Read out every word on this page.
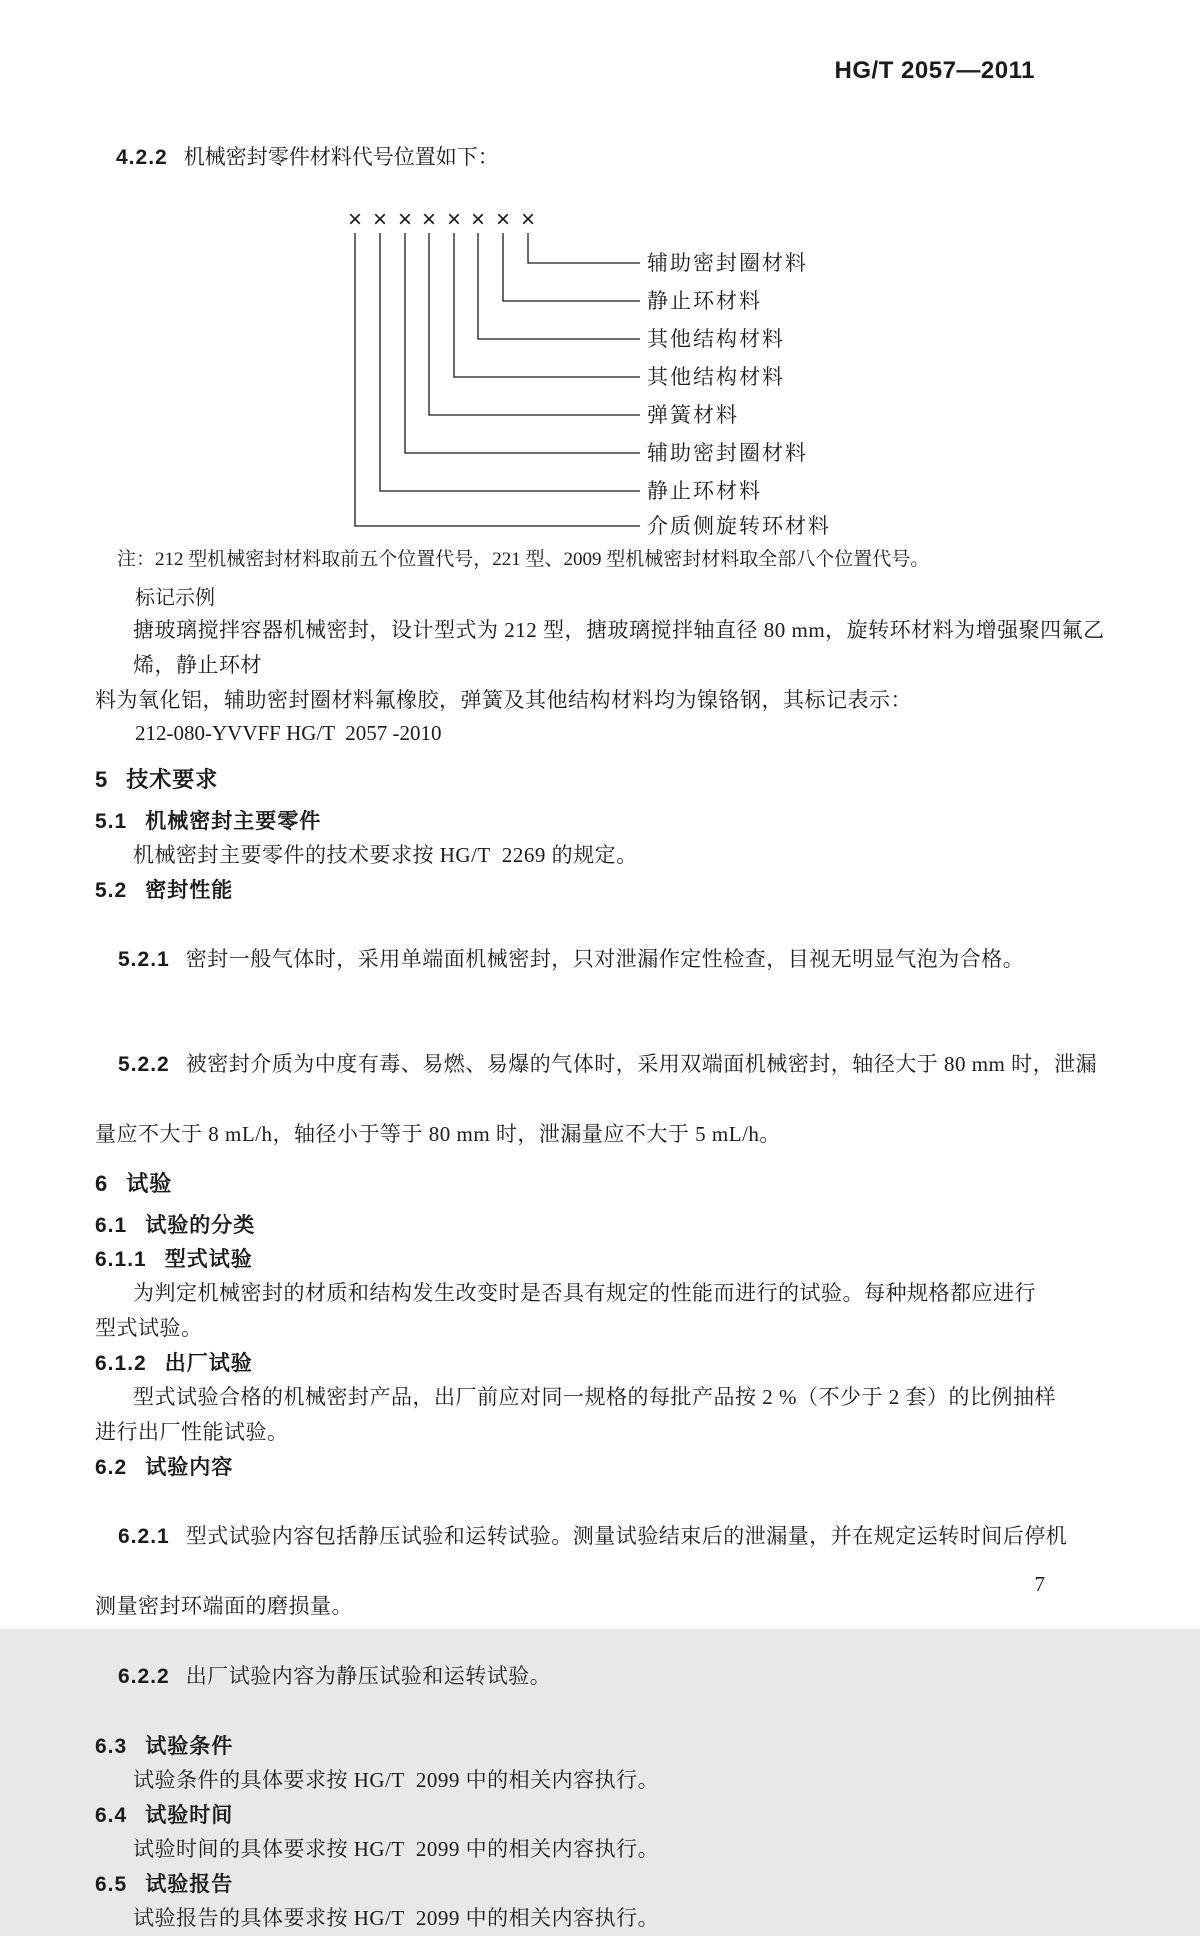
HG/T 2057—2011

4.2.2 机械密封零件材料代号位置如下：

× × × × × × × ×
辅助密封圈材料
静止环材料
其他结构材料
其他结构材料
弹簧材料
辅助密封圈材料
静止环材料
介质侧旋转环材料
注：212 型机械密封材料取前五个位置代号，221 型、2009 型机械密封材料取全部八个位置代号。
标记示例
搪玻璃搅拌容器机械密封，设计型式为 212 型，搪玻璃搅拌轴直径 80 mm，旋转环材料为增强聚四氟乙烯，静止环材
料为氧化铝，辅助密封圈材料氟橡胶，弹簧及其他结构材料均为镍铬钢，其标记表示：
212-080-YVVFF HG/T  2057 -2010
5 技术要求
5.1 机械密封主要零件
机械密封主要零件的技术要求按 HG/T  2269 的规定。
5.2 密封性能

5.2.1 密封一般气体时，采用单端面机械密封，只对泄漏作定性检查，目视无明显气泡为合格。

5.2.2 被密封介质为中度有毒、易燃、易爆的气体时，采用双端面机械密封，轴径大于 80 mm 时，泄漏

量应不大于 8 mL/h，轴径小于等于 80 mm 时，泄漏量应不大于 5 mL/h。
6 试验
6.1 试验的分类
6.1.1 型式试验
为判定机械密封的材质和结构发生改变时是否具有规定的性能而进行的试验。每种规格都应进行
型式试验。
6.1.2 出厂试验
型式试验合格的机械密封产品，出厂前应对同一规格的每批产品按 2 %（不少于 2 套）的比例抽样
进行出厂性能试验。
6.2 试验内容

6.2.1 型式试验内容包括静压试验和运转试验。测量试验结束后的泄漏量，并在规定运转时间后停机

测量密封环端面的磨损量。

6.2.2 出厂试验内容为静压试验和运转试验。

6.3 试验条件
试验条件的具体要求按 HG/T  2099 中的相关内容执行。
6.4 试验时间
试验时间的具体要求按 HG/T  2099 中的相关内容执行。
6.5 试验报告
试验报告的具体要求按 HG/T  2099 中的相关内容执行。
7
